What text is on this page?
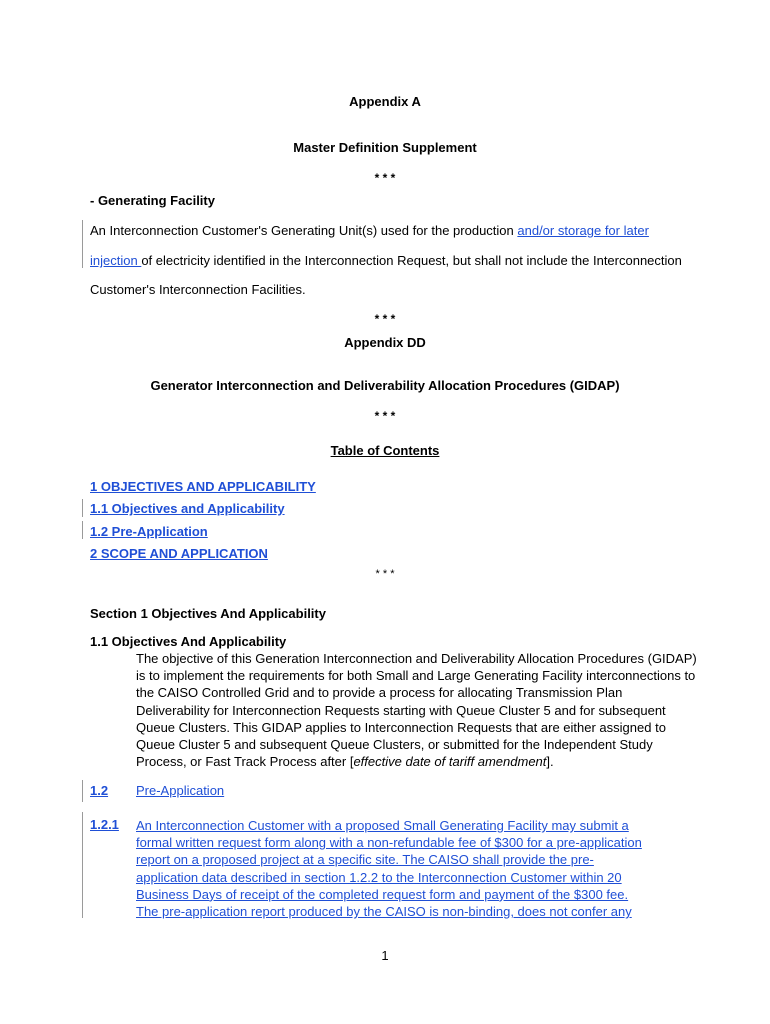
Appendix A
Master Definition Supplement
* * *
- Generating Facility
An Interconnection Customer's Generating Unit(s) used for the production and/or storage for later
injection of electricity identified in the Interconnection Request, but shall not include the Interconnection
Customer's Interconnection Facilities.
* * *
Appendix DD
Generator Interconnection and Deliverability Allocation Procedures (GIDAP)
* * *
Table of Contents
1 OBJECTIVES AND APPLICABILITY
1.1 Objectives and Applicability
1.2 Pre-Application
2 SCOPE AND APPLICATION
* * *
Section 1 Objectives And Applicability
1.1 Objectives And Applicability
The objective of this Generation Interconnection and Deliverability Allocation Procedures (GIDAP)
is to implement the requirements for both Small and Large Generating Facility interconnections to
the CAISO Controlled Grid and to provide a process for allocating Transmission Plan
Deliverability for Interconnection Requests starting with Queue Cluster 5 and for subsequent
Queue Clusters. This GIDAP applies to Interconnection Requests that are either assigned to
Queue Cluster 5 and subsequent Queue Clusters, or submitted for the Independent Study
Process, or Fast Track Process after [effective date of tariff amendment].
1.2 Pre-Application
1.2.1 An Interconnection Customer with a proposed Small Generating Facility may submit a
formal written request form along with a non-refundable fee of $300 for a pre-application
report on a proposed project at a specific site. The CAISO shall provide the pre-
application data described in section 1.2.2 to the Interconnection Customer within 20
Business Days of receipt of the completed request form and payment of the $300 fee.
The pre-application report produced by the CAISO is non-binding, does not confer any
1
